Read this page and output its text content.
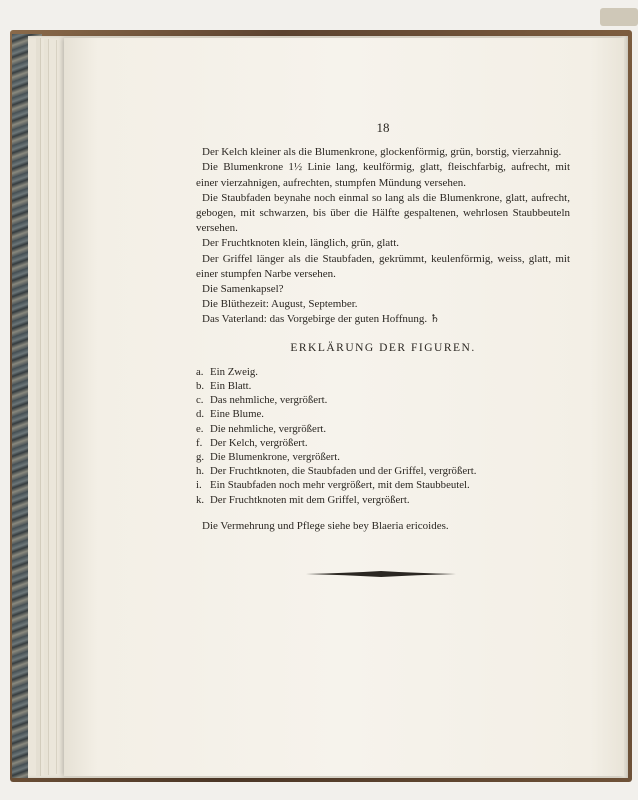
18

Der Kelch kleiner als die Blumenkrone, glockenförmig, grün, borstig, vierzahnig.

Die Blumenkrone 1½ Linie lang, keulförmig, glatt, fleischfarbig, aufrecht, mit einer vierzahnigen, aufrechten, stumpfen Mündung versehen.

Die Staubfaden beynahe noch einmal so lang als die Blumenkrone, glatt, aufrecht, gebogen, mit schwarzen, bis über die Hälfte gespaltenen, wehrlosen Staubbeuteln versehen.

Der Fruchtknoten klein, länglich, grün, glatt.

Der Griffel länger als die Staubfaden, gekrümmt, keulenförmig, weiss, glatt, mit einer stumpfen Narbe versehen.

Die Samenkapsel?

Die Blüthezeit: August, September.

Das Vaterland: das Vorgebirge der guten Hoffnung. ♄

ERKLÄRUNG DER FIGUREN.
a. Ein Zweig.
b. Ein Blatt.
c. Das nehmliche, vergrößert.
d. Eine Blume.
e. Die nehmliche, vergrößert.
f. Der Kelch, vergrößert.
g. Die Blumenkrone, vergrößert.
h. Der Fruchtknoten, die Staubfaden und der Griffel, vergrößert.
i. Ein Staubfaden noch mehr vergrößert, mit dem Staubbeutel.
k. Der Fruchtknoten mit dem Griffel, vergrößert.
Die Vermehrung und Pflege siehe bey Blaeria ericoides.
